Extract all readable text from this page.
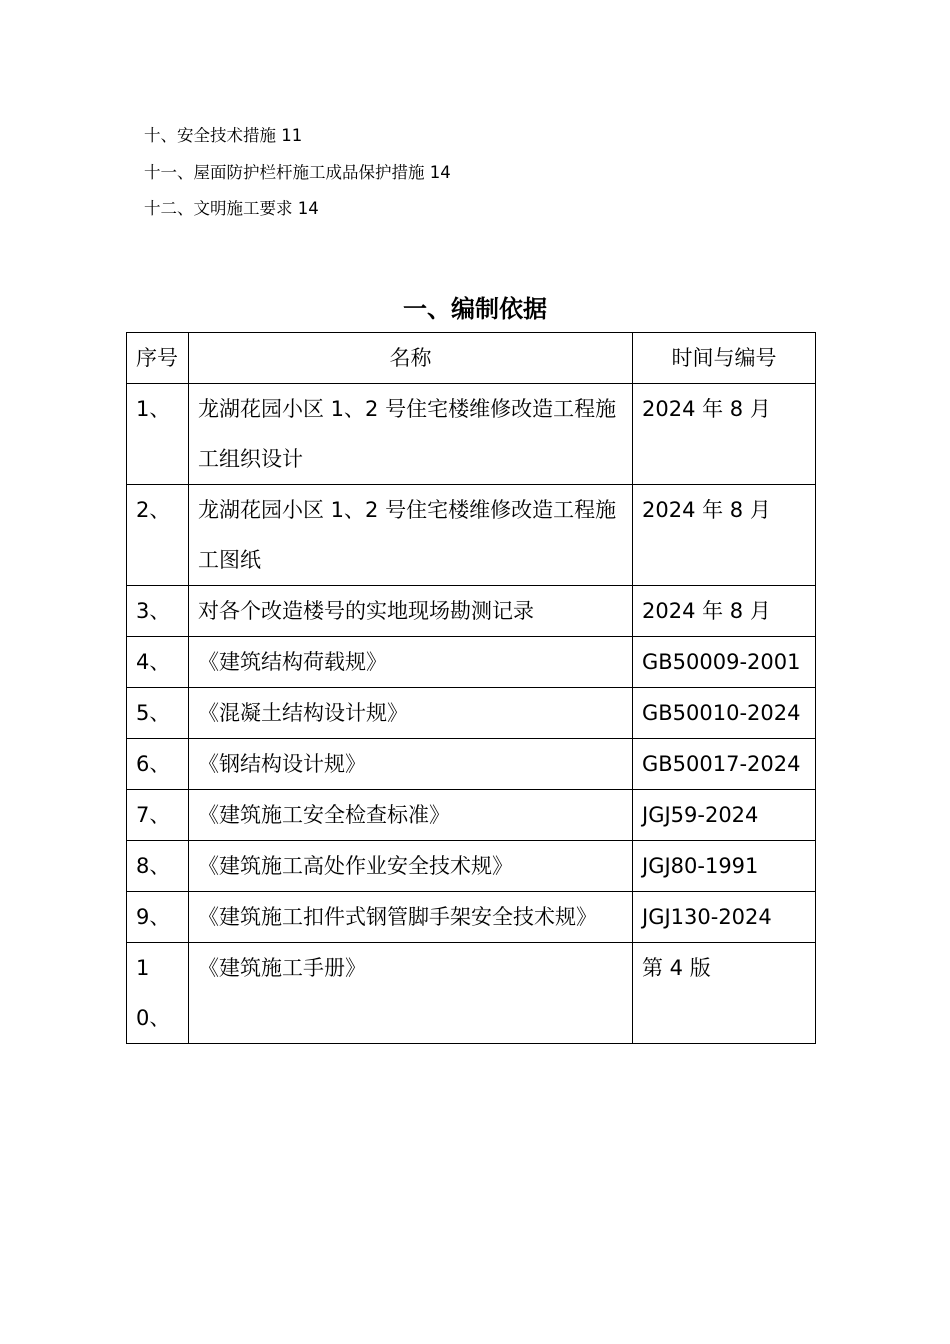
十、安全技术措施 11
十一、屋面防护栏杆施工成品保护措施 14
十二、文明施工要求 14
一、编制依据
序号	名称	时间与编号
1、	龙湖花园小区 1、2 号住宅楼维修改造工程施工组织设计	2024 年 8 月
2、	龙湖花园小区 1、2 号住宅楼维修改造工程施工图纸	2024 年 8 月
3、	对各个改造楼号的实地现场勘测记录	2024 年 8 月
4、	《建筑结构荷载规》	GB50009-2001
5、	《混凝土结构设计规》	GB50010-2024
6、	《钢结构设计规》	GB50017-2024
7、	《建筑施工安全检查标准》	JGJ59-2024
8、	《建筑施工高处作业安全技术规》	JGJ80-1991
9、	《建筑施工扣件式钢管脚手架安全技术规》	JGJ130-2024
10、	《建筑施工手册》	第 4 版
